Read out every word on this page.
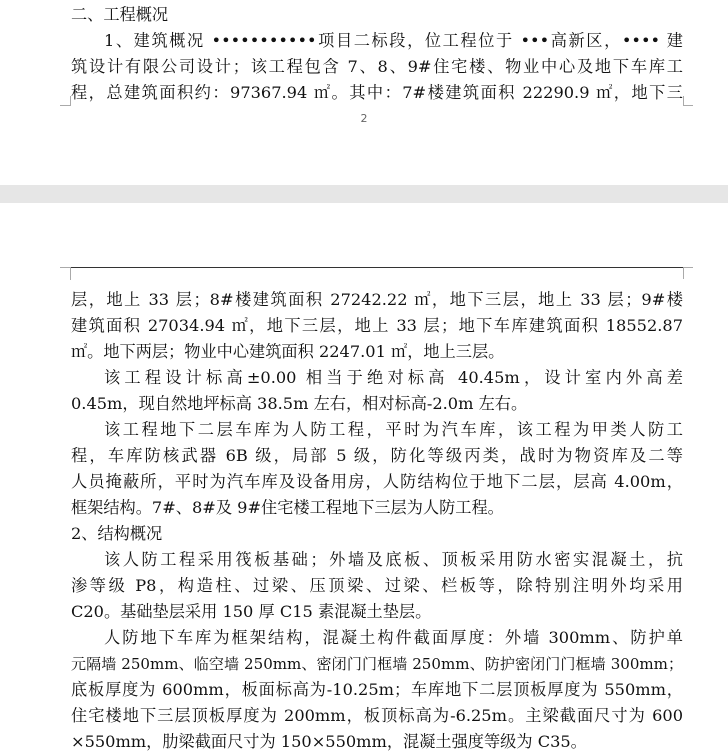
二、工程概况
1、建筑概况 •••••••••••项目二标段，位工程位于 •••高新区，•••• 建
筑设计有限公司设计；该工程包含 7、8、9#住宅楼、物业中心及地下车库工
程，总建筑面积约：97367.94 ㎡。其中：7#楼建筑面积 22290.9 ㎡，地下三
2
层，地上 33 层；8#楼建筑面积 27242.22 ㎡，地下三层，地上 33 层；9#楼
建筑面积 27034.94 ㎡，地下三层，地上 33 层；地下车库建筑面积 18552.87
㎡。地下两层；物业中心建筑面积 2247.01 ㎡，地上三层。
该工程设计标高±0.00 相当于绝对标高 40.45m，设计室内外高差
0.45m，现自然地坪标高 38.5m 左右，相对标高-2.0m 左右。
该工程地下二层车库为人防工程，平时为汽车库，该工程为甲类人防工
程，车库防核武器 6B 级，局部 5 级，防化等级丙类，战时为物资库及二等
人员掩蔽所，平时为汽车库及设备用房，人防结构位于地下二层，层高 4.00m，
框架结构。7#、8#及 9#住宅楼工程地下三层为人防工程。
2、结构概况
该人防工程采用筏板基础；外墙及底板、顶板采用防水密实混凝土，抗
渗等级 P8，构造柱、过梁、压顶梁、过梁、栏板等，除特别注明外均采用
C20。基础垫层采用 150 厚 C15 素混凝土垫层。
人防地下车库为框架结构，混凝土构件截面厚度：外墙 300mm、防护单
元隔墙 250mm、临空墙 250mm、密闭门门框墙 250mm、防护密闭门门框墙 300mm；
底板厚度为 600mm，板面标高为-10.25m；车库地下二层顶板厚度为 550mm，
住宅楼地下三层顶板厚度为 200mm，板顶标高为-6.25m。主梁截面尺寸为 600
×550mm，肋梁截面尺寸为 150×550mm，混凝土强度等级为 C35。
